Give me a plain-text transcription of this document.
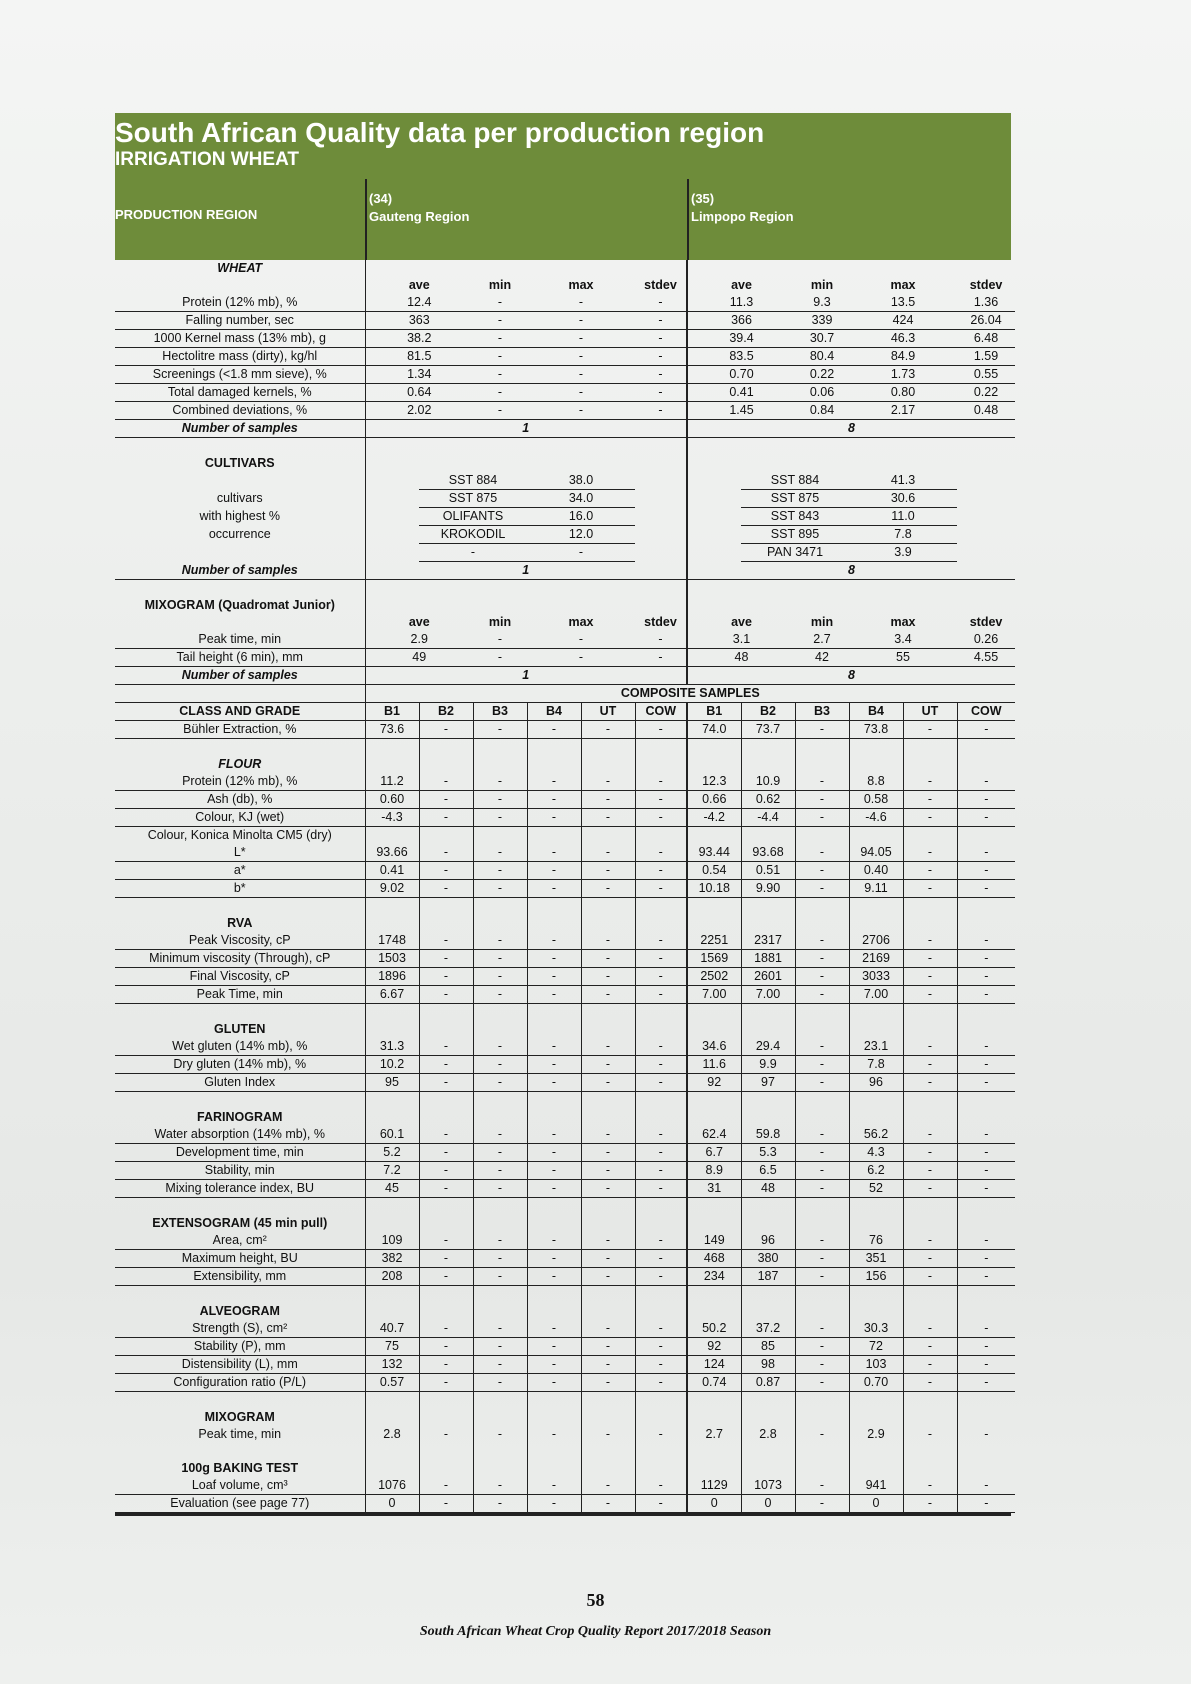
South African Quality data per production region
IRRIGATION WHEAT
PRODUCTION REGION
(34)
Gauteng Region
(35)
Limpopo Region
WHEAT												
	ave		min	max		stdev	ave		min	max		stdev
Protein (12% mb), %	12.4		-	-		-	11.3		9.3	13.5		1.36
Falling number, sec	363		-	-		-	366		339	424		26.04
1000 Kernel mass (13% mb), g	38.2		-	-		-	39.4		30.7	46.3		6.48
Hectolitre mass (dirty), kg/hl	81.5		-	-		-	83.5		80.4	84.9		1.59
Screenings (<1.8 mm sieve), %	1.34		-	-		-	0.70		0.22	1.73		0.55
Total damaged kernels, %	0.64		-	-		-	0.41		0.06	0.80		0.22
Combined deviations, %	2.02		-	-		-	1.45		0.84	2.17		0.48
Number of samples	1						8					

CULTIVARS												
		SST 884		38.0				SST 884		41.3		
cultivars		SST 875		34.0				SST 875		30.6		
with highest %		OLIFANTS		16.0				SST 843		11.0		
occurrence		KROKODIL		12.0				SST 895		7.8		
		-		-				PAN 3471		3.9		
Number of samples	1						8					

MIXOGRAM (Quadromat Junior)												
	ave		min	max		stdev	ave		min	max		stdev
Peak time, min	2.9		-	-		-	3.1		2.7	3.4		0.26
Tail height (6 min), mm	49		-	-		-	48		42	55		4.55
Number of samples	1						8					
	COMPOSITE SAMPLES											
CLASS AND GRADE	B1	B2	B3	B4	UT	COW	B1	B2	B3	B4	UT	COW
Bühler Extraction, %	73.6	-	-	-	-	-	74.0	73.7	-	73.8	-	-

FLOUR												
Protein (12% mb), %	11.2	-	-	-	-	-	12.3	10.9	-	8.8	-	-
Ash (db), %	0.60	-	-	-	-	-	0.66	0.62	-	0.58	-	-
Colour, KJ (wet)	-4.3	-	-	-	-	-	-4.2	-4.4	-	-4.6	-	-
Colour, Konica Minolta CM5 (dry)												
L*	93.66	-	-	-	-	-	93.44	93.68	-	94.05	-	-
a*	0.41	-	-	-	-	-	0.54	0.51	-	0.40	-	-
b*	9.02	-	-	-	-	-	10.18	9.90	-	9.11	-	-

RVA												
Peak Viscosity, cP	1748	-	-	-	-	-	2251	2317	-	2706	-	-
Minimum viscosity (Through), cP	1503	-	-	-	-	-	1569	1881	-	2169	-	-
Final Viscosity, cP	1896	-	-	-	-	-	2502	2601	-	3033	-	-
Peak Time, min	6.67	-	-	-	-	-	7.00	7.00	-	7.00	-	-

GLUTEN												
Wet gluten (14% mb), %	31.3	-	-	-	-	-	34.6	29.4	-	23.1	-	-
Dry gluten (14% mb), %	10.2	-	-	-	-	-	11.6	9.9	-	7.8	-	-
Gluten Index	95	-	-	-	-	-	92	97	-	96	-	-

FARINOGRAM												
Water absorption (14% mb), %	60.1	-	-	-	-	-	62.4	59.8	-	56.2	-	-
Development time, min	5.2	-	-	-	-	-	6.7	5.3	-	4.3	-	-
Stability, min	7.2	-	-	-	-	-	8.9	6.5	-	6.2	-	-
Mixing tolerance index, BU	45	-	-	-	-	-	31	48	-	52	-	-

EXTENSOGRAM (45 min pull)												
Area, cm²	109	-	-	-	-	-	149	96	-	76	-	-
Maximum height, BU	382	-	-	-	-	-	468	380	-	351	-	-
Extensibility, mm	208	-	-	-	-	-	234	187	-	156	-	-

ALVEOGRAM												
Strength (S), cm²	40.7	-	-	-	-	-	50.2	37.2	-	30.3	-	-
Stability (P), mm	75	-	-	-	-	-	92	85	-	72	-	-
Distensibility (L), mm	132	-	-	-	-	-	124	98	-	103	-	-
Configuration ratio (P/L)	0.57	-	-	-	-	-	0.74	0.87	-	0.70	-	-

MIXOGRAM												
Peak time, min	2.8	-	-	-	-	-	2.7	2.8	-	2.9	-	-

100g BAKING TEST												
Loaf volume, cm³	1076	-	-	-	-	-	1129	1073	-	941	-	-
Evaluation (see page 77)	0	-	-	-	-	-	0	0	-	0	-	-
58
South African Wheat Crop Quality Report 2017/2018 Season
